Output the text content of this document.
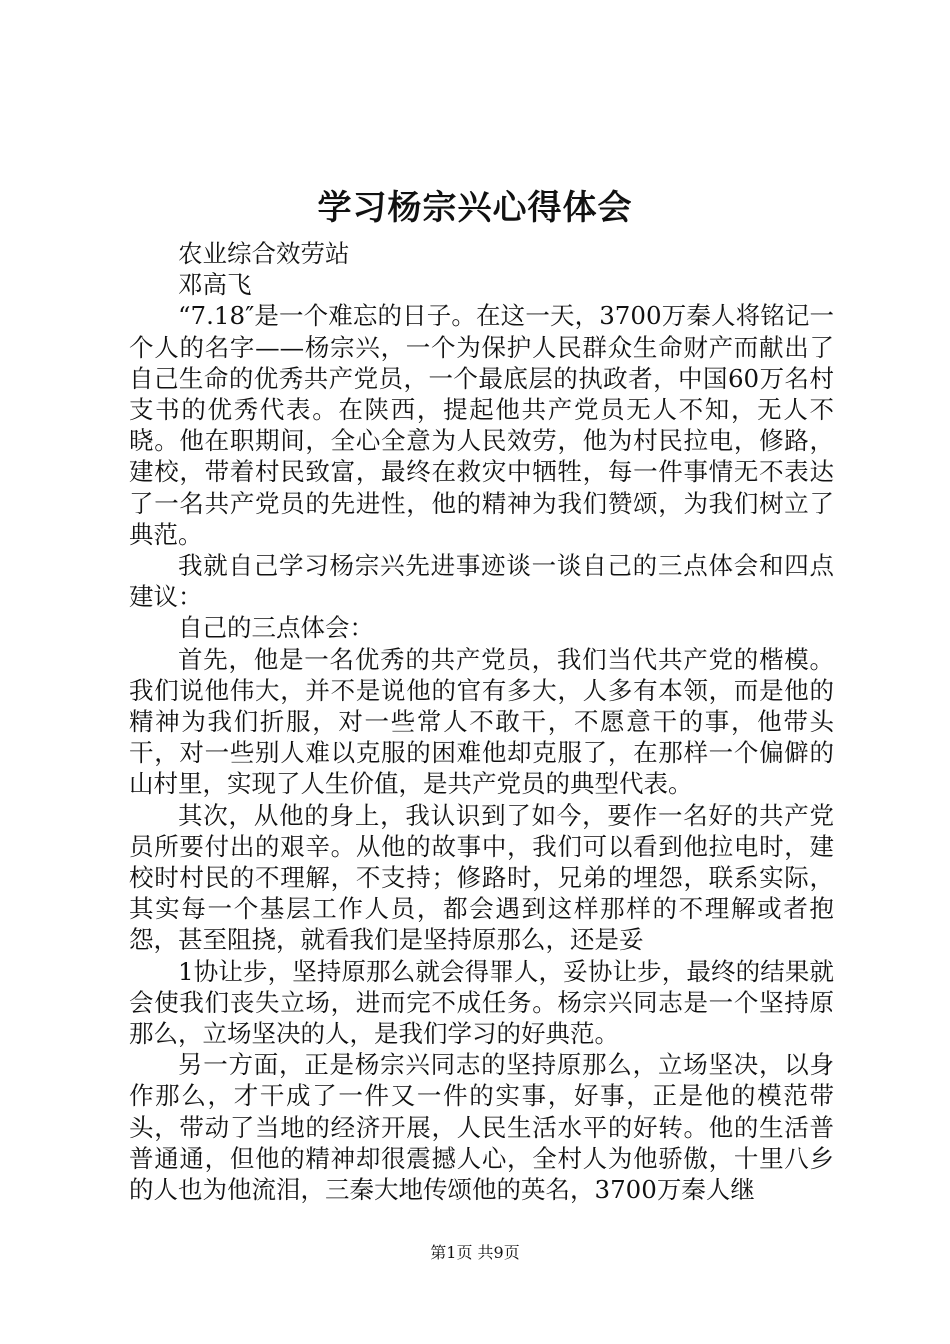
学习杨宗兴心得体会

农业综合效劳站

邓高飞

“7.18″是一个难忘的日子。在这一天，3700万秦人将铭记一个人的名字——杨宗兴，一个为保护人民群众生命财产而献出了自己生命的优秀共产党员，一个最底层的执政者，中国60万名村支书的优秀代表。在陕西，提起他共产党员无人不知，无人不晓。他在职期间，全心全意为人民效劳，他为村民拉电，修路，建校，带着村民致富，最终在救灾中牺牲，每一件事情无不表达了一名共产党员的先进性，他的精神为我们赞颂，为我们树立了典范。

我就自己学习杨宗兴先进事迹谈一谈自己的三点体会和四点建议：

自己的三点体会：

首先，他是一名优秀的共产党员，我们当代共产党的楷模。我们说他伟大，并不是说他的官有多大，人多有本领，而是他的精神为我们折服，对一些常人不敢干，不愿意干的事，他带头干，对一些别人难以克服的困难他却克服了，在那样一个偏僻的山村里，实现了人生价值，是共产党员的典型代表。

其次，从他的身上，我认识到了如今，要作一名好的共产党员所要付出的艰辛。从他的故事中，我们可以看到他拉电时，建校时村民的不理解，不支持；修路时，兄弟的埋怨，联系实际，其实每一个基层工作人员，都会遇到这样那样的不理解或者抱怨，甚至阻挠，就看我们是坚持原那么，还是妥

1协让步，坚持原那么就会得罪人，妥协让步，最终的结果就会使我们丧失立场，进而完不成任务。杨宗兴同志是一个坚持原那么，立场坚决的人，是我们学习的好典范。

另一方面，正是杨宗兴同志的坚持原那么，立场坚决，以身作那么，才干成了一件又一件的实事，好事，正是他的模范带头，带动了当地的经济开展，人民生活水平的好转。他的生活普普通通，但他的精神却很震撼人心，全村人为他骄傲，十里八乡的人也为他流泪，三秦大地传颂他的英名，3700万秦人继

第1页 共9页
